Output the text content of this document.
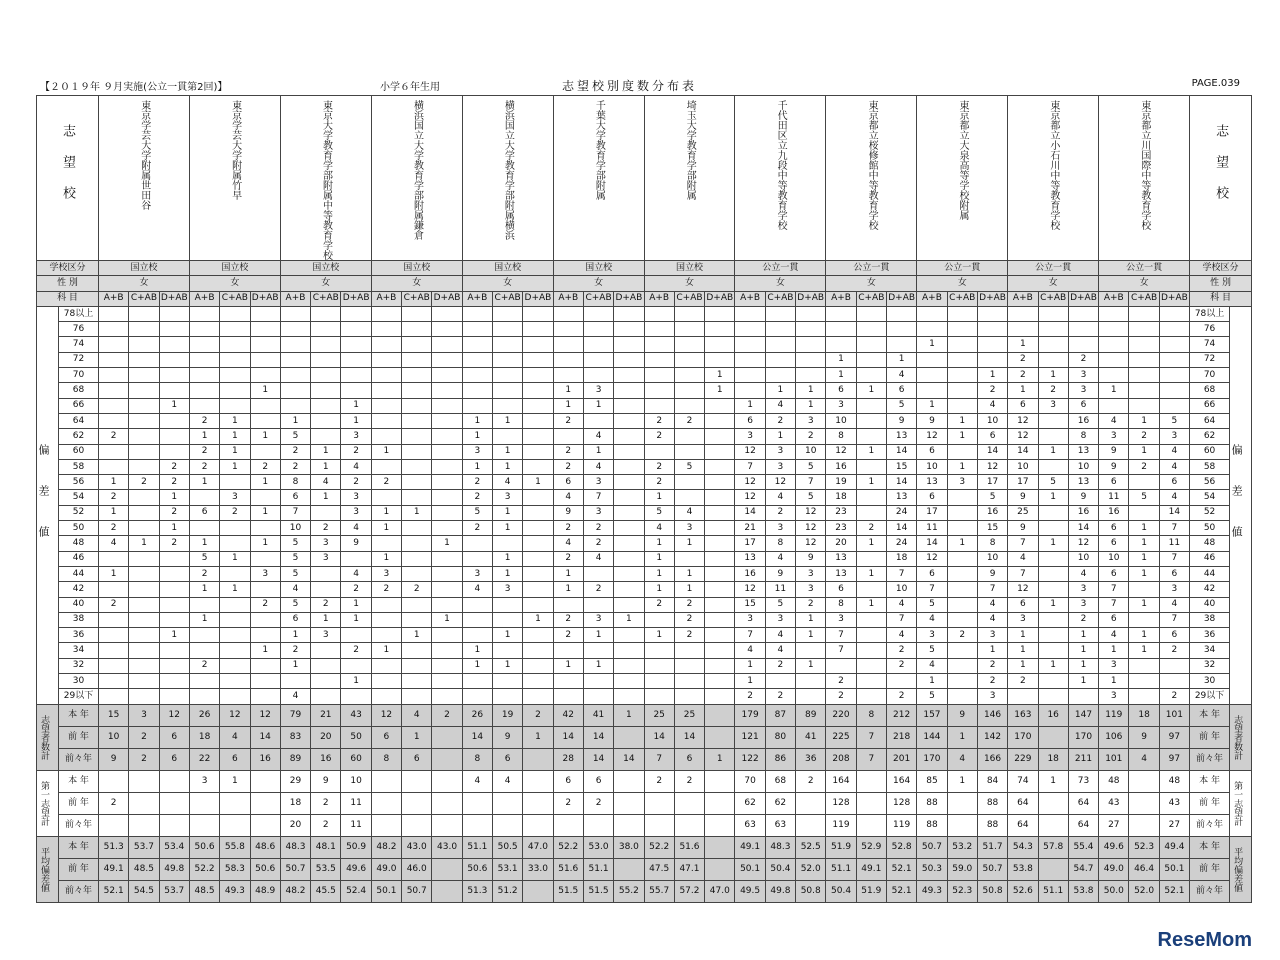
【２０１９年 ９月実施(公立一貫第2回)】	小学６年生用	志望校別度数分布表	PAGE.039
志望校		東京学芸大学附属世田谷			東京学芸大学附属竹早			東京大学教育学部附属中等教育学校			横浜国立大学教育学部附属鎌倉			横浜国立大学教育学部附属横浜			千葉大学教育学部附属			埼玉大学教育学部附属			千代田区立九段中等教育学校			東京都立桜修館中等教育学校			東京都立大泉高等学校附属			東京都立小石川中等教育学校			東京都立川国際中等教育学校			志望校	

学校区分		国立校			国立校			国立校			国立校			国立校			国立校			国立校			公立一貫			公立一貫			公立一貫			公立一貫			公立一貫			学校区分	
性 別		女			女			女			女			女			女			女			女			女			女			女			女			性 別	
科 目		A+B	C+AB	D+AB	A+B	C+AB	D+AB	A+B	C+AB	D+AB	A+B	C+AB	D+AB	A+B	C+AB	D+AB	A+B	C+AB	D+AB	A+B	C+AB	D+AB	A+B	C+AB	D+AB	A+B	C+AB	D+AB	A+B	C+AB	D+AB	A+B	C+AB	D+AB	A+B	C+AB	D+AB	科 目	

偏差値	78以上																																					78以上	偏差値

	76																																					76	
	74																												1			1						74	
	72																									1		1				2		2				72	
	70																					1				1		4			1	2	1	3				70	
	68						1										1	3				1		1	1	6	1	6			2	1	2	3	1			68	
	66			1						1							1	1					1	4	1	3		5	1		4	6	3	6				66	
	64				2	1		1		1				1	1		2			2	2		6	2	3	10		9	9	1	10	12		16	4	1	5	64	
	62	2			1	1	1	5		3				1				4		2			3	1	2	8		13	12	1	6	12		8	3	2	3	62	
	60				2	1		2	1	2	1			3	1		2	1					12	3	10	12	1	14	6		14	14	1	13	9	1	4	60	
	58			2	2	1	2	2	1	4				1	1		2	4		2	5		7	3	5	16		15	10	1	12	10		10	9	2	4	58	
	56	1	2	2	1		1	8	4	2	2			2	4	1	6	3		2			12	12	7	19	1	14	13	3	17	17	5	13	6		6	56	
	54	2		1		3		6	1	3				2	3		4	7		1			12	4	5	18		13	6		5	9	1	9	11	5	4	54	
	52	1		2	6	2	1	7		3	1	1		5	1		9	3		5	4		14	2	12	23		24	17		16	25		16	16		14	52	
	50	2		1				10	2	4	1			2	1		2	2		4	3		21	3	12	23	2	14	11		15	9		14	6	1	7	50	
	48	4	1	2	1		1	5	3	9			1				4	2		1	1		17	8	12	20	1	24	14	1	8	7	1	12	6	1	11	48	
	46				5	1		5	3		1				1		2	4		1			13	4	9	13		18	12		10	4		10	10	1	7	46	
	44	1			2		3	5		4	3			3	1		1			1	1		16	9	3	13	1	7	6		9	7		4	6	1	6	44	
	42				1	1		4		2	2	2		4	3		1	2		1	1		12	11	3	6		10	7		7	12		3	7		3	42	
	40	2					2	5	2	1										2	2		15	5	2	8	1	4	5		4	6	1	3	7	1	4	40	
	38				1			6	1	1			1			1	2	3	1		2		3	3	1	3		7	4		4	3		2	6		7	38	
	36			1				1	3			1			1		2	1		1	2		7	4	1	7		4	3	2	3	1		1	4	1	6	36	
	34						1	2		2	1			1									4	4		7		2	5		1	1		1	1	1	2	34	
	32				2			1						1	1		1	1					1	2	1			2	4		2	1	1	1	3			32	
	30									1													1			2			1		2	2		1	1			30	
	29以下							4															2	2		2		2	5		3				3		2	29以下	

志望者数計	本 年	15	3	12	26	12	12	79	21	43	12	4	2	26	19	2	42	41	1	25	25		179	87	89	220	8	212	157	9	146	163	16	147	119	18	101	本 年	志望者数計

	前 年	10	2	6	18	4	14	83	20	50	6	1		14	9	1	14	14		14	14		121	80	41	225	7	218	144	1	142	170		170	106	9	97	前 年	
	前々年	9	2	6	22	6	16	89	16	60	8	6		8	6		28	14	14	7	6	1	122	86	36	208	7	201	170	4	166	229	18	211	101	4	97	前々年	

第一志望計	本 年				3	1		29	9	10				4	4		6	6		2	2		70	68	2	164		164	85	1	84	74	1	73	48		48	本 年	第一志望計

	前 年	2						18	2	11							2	2					62	62		128		128	88		88	64		64	43		43	前 年	
	前々年							20	2	11													63	63		119		119	88		88	64		64	27		27	前々年	

平均偏差値	本 年	51.3	53.7	53.4	50.6	55.8	48.6	48.3	48.1	50.9	48.2	43.0	43.0	51.1	50.5	47.0	52.2	53.0	38.0	52.2	51.6		49.1	48.3	52.5	51.9	52.9	52.8	50.7	53.2	51.7	54.3	57.8	55.4	49.6	52.3	49.4	本 年	平均偏差値

	前 年	49.1	48.5	49.8	52.2	58.3	50.6	50.7	53.5	49.6	49.0	46.0		50.6	53.1	33.0	51.6	51.1		47.5	47.1		50.1	50.4	52.0	51.1	49.1	52.1	50.3	59.0	50.7	53.8		54.7	49.0	46.4	50.1	前 年	
	前々年	52.1	54.5	53.7	48.5	49.3	48.9	48.2	45.5	52.4	50.1	50.7		51.3	51.2		51.5	51.5	55.2	55.7	57.2	47.0	49.5	49.8	50.8	50.4	51.9	52.1	49.3	52.3	50.8	52.6	51.1	53.8	50.0	52.0	52.1	前々年	
ReseMom
